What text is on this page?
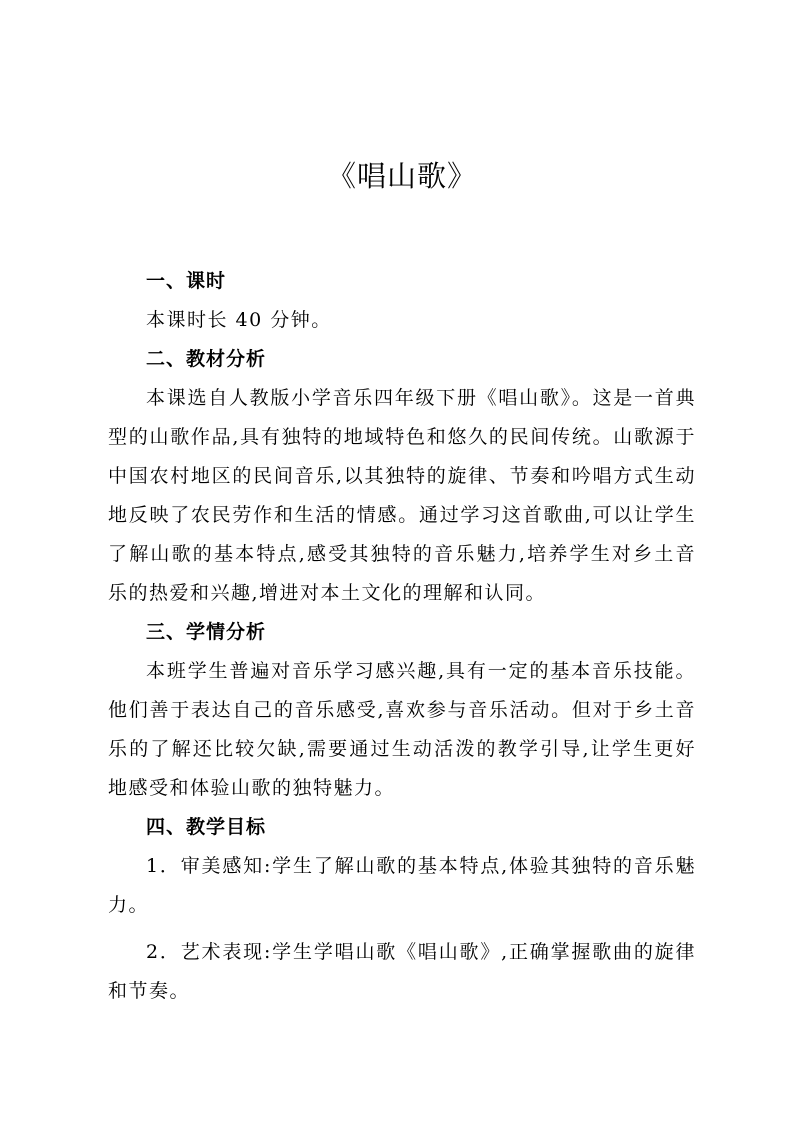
《唱山歌》

一、课时

本课时长 40 分钟。

二、教材分析

本课选自人教版小学音乐四年级下册《唱山歌》。这是一首典型的山歌作品,具有独特的地域特色和悠久的民间传统。山歌源于中国农村地区的民间音乐,以其独特的旋律、节奏和吟唱方式生动地反映了农民劳作和生活的情感。通过学习这首歌曲,可以让学生了解山歌的基本特点,感受其独特的音乐魅力,培养学生对乡土音乐的热爱和兴趣,增进对本土文化的理解和认同。

三、学情分析

本班学生普遍对音乐学习感兴趣,具有一定的基本音乐技能。他们善于表达自己的音乐感受,喜欢参与音乐活动。但对于乡土音乐的了解还比较欠缺,需要通过生动活泼的教学引导,让学生更好地感受和体验山歌的独特魅力。

四、教学目标

1．审美感知:学生了解山歌的基本特点,体验其独特的音乐魅力。

2．艺术表现:学生学唱山歌《唱山歌》,正确掌握歌曲的旋律和节奏。
